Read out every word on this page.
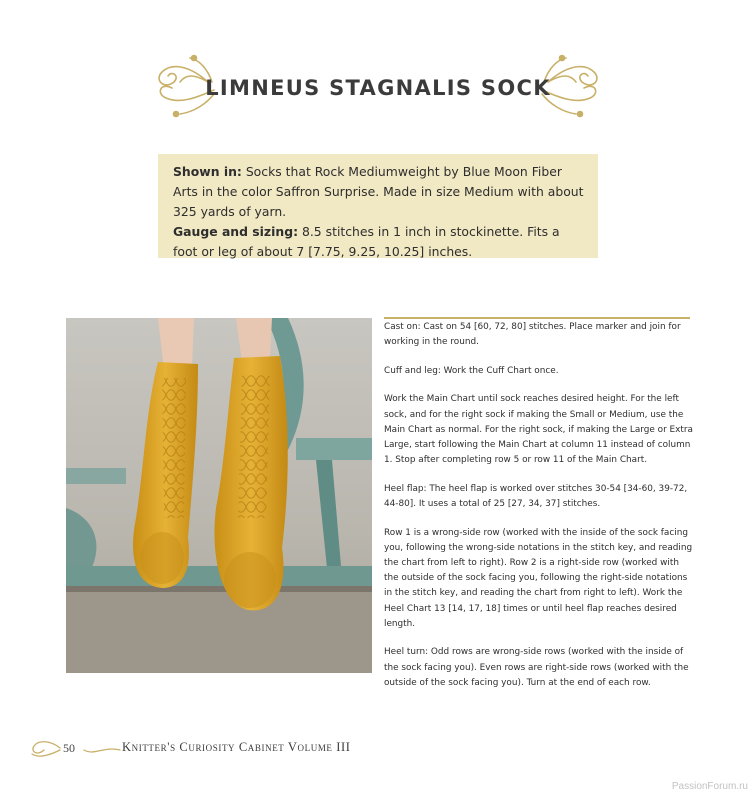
LIMNEUS STAGNALIS SOCK
Shown in: Socks that Rock Mediumweight by Blue Moon Fiber Arts in the color Saffron Surprise. Made in size Medium with about 325 yards of yarn.
Gauge and sizing: 8.5 stitches in 1 inch in stockinette. Fits a foot or leg of about 7 [7.75, 9.25, 10.25] inches.

Cast on: Cast on 54 [60, 72, 80] stitches. Place marker and join for working in the round.

Cuff and leg: Work the Cuff Chart once.

Work the Main Chart until sock reaches desired height. For the left sock, and for the right sock if making the Small or Medium, use the Main Chart as normal. For the right sock, if making the Large or Extra Large, start following the Main Chart at column 11 instead of column 1. Stop after completing row 5 or row 11 of the Main Chart.

Heel flap: The heel flap is worked over stitches 30-54 [34-60, 39-72, 44-80]. It uses a total of 25 [27, 34, 37] stitches.

Row 1 is a wrong-side row (worked with the inside of the sock facing you, following the wrong-side notations in the stitch key, and reading the chart from left to right). Row 2 is a right-side row (worked with the outside of the sock facing you, following the right-side notations in the stitch key, and reading the chart from right to left). Work the Heel Chart 13 [14, 17, 18] times or until heel flap reaches desired length.

Heel turn: Odd rows are wrong-side rows (worked with the inside of the sock facing you). Even rows are right-side rows (worked with the outside of the sock facing you). Turn at the end of each row.

50	Knitter's Curiosity Cabinet Volume III
PassionForum.ru
